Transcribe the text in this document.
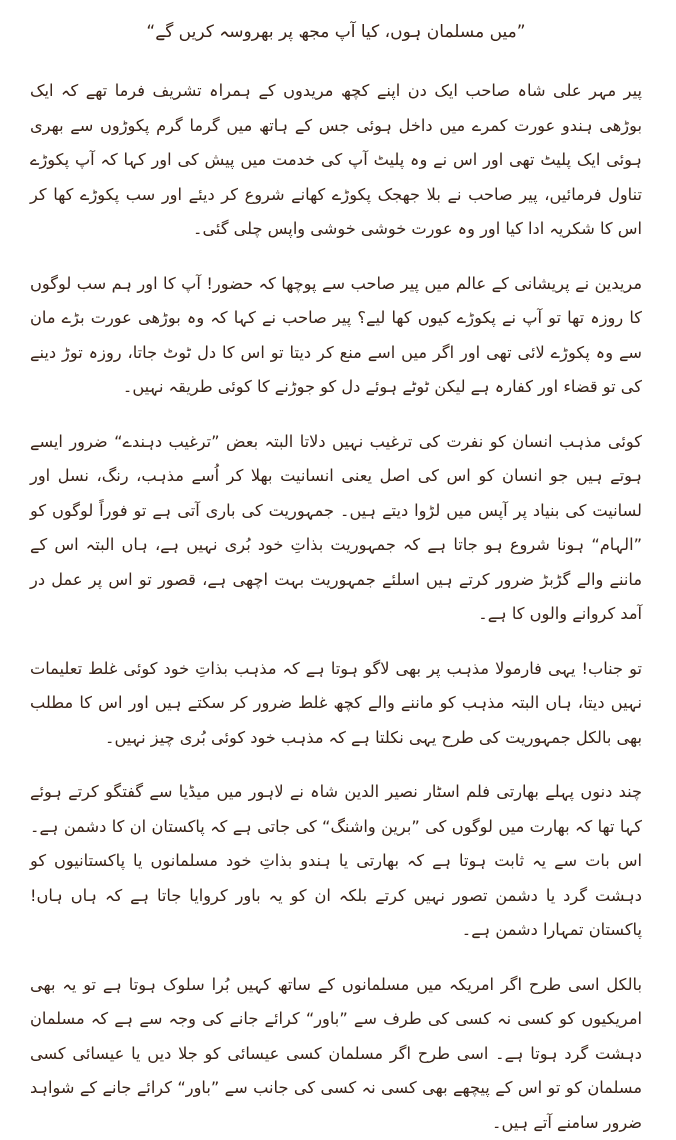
”میں مسلمان ہوں، کیا آپ مجھ پر بھروسہ کریں گے“

پیر مہر علی شاہ صاحب ایک دن اپنے کچھ مریدوں کے ہمراہ تشریف فرما تھے کہ ایک بوڑھی ہندو عورت کمرے میں داخل ہوئی جس کے ہاتھ میں گرما گرم پکوڑوں سے بھری ہوئی ایک پلیٹ تھی اور اس نے وہ پلیٹ آپ کی خدمت میں پیش کی اور کہا کہ آپ پکوڑے تناول فرمائیں، پیر صاحب نے بلا جھجک پکوڑے کھانے شروع کر دیئے اور سب پکوڑے کھا کر اس کا شکریہ ادا کیا اور وہ عورت خوشی خوشی واپس چلی گئی۔

مریدین نے پریشانی کے عالم میں پیر صاحب سے پوچھا کہ حضور! آپ کا اور ہم سب لوگوں کا روزہ تھا تو آپ نے پکوڑے کیوں کھا لیے؟ پیر صاحب نے کہا کہ وہ بوڑھی عورت بڑے مان سے وہ پکوڑے لائی تھی اور اگر میں اسے منع کر دیتا تو اس کا دل ٹوٹ جاتا، روزہ توڑ دینے کی تو قضاء اور کفارہ ہے لیکن ٹوٹے ہوئے دل کو جوڑنے کا کوئی طریقہ نہیں۔

کوئی مذہب انسان کو نفرت کی ترغیب نہیں دلاتا البتہ بعض ”ترغیب دہندے“ ضرور ایسے ہوتے ہیں جو انسان کو اس کی اصل یعنی انسانیت بھلا کر اُسے مذہب، رنگ، نسل اور لسانیت کی بنیاد پر آپس میں لڑوا دیتے ہیں۔ جمہوریت کی باری آتی ہے تو فوراً لوگوں کو ”الہام“ ہونا شروع ہو جاتا ہے کہ جمہوریت بذاتِ خود بُری نہیں ہے، ہاں البتہ اس کے ماننے والے گڑبڑ ضرور کرتے ہیں اسلئے جمہوریت بہت اچھی ہے، قصور تو اس پر عمل در آمد کروانے والوں کا ہے۔

تو جناب! یہی فارمولا مذہب پر بھی لاگو ہوتا ہے کہ مذہب بذاتِ خود کوئی غلط تعلیمات نہیں دیتا، ہاں البتہ مذہب کو ماننے والے کچھ غلط ضرور کر سکتے ہیں اور اس کا مطلب بھی بالکل جمہوریت کی طرح یہی نکلتا ہے کہ مذہب خود کوئی بُری چیز نہیں۔

چند دنوں پہلے بھارتی فلم اسٹار نصیر الدین شاہ نے لاہور میں میڈیا سے گفتگو کرتے ہوئے کہا تھا کہ بھارت میں لوگوں کی ”برین واشنگ“ کی جاتی ہے کہ پاکستان ان کا دشمن ہے۔ اس بات سے یہ ثابت ہوتا ہے کہ بھارتی یا ہندو بذاتِ خود مسلمانوں یا پاکستانیوں کو دہشت گرد یا دشمن تصور نہیں کرتے بلکہ ان کو یہ باور کروایا جاتا ہے کہ ہاں ہاں! پاکستان تمہارا دشمن ہے۔

بالکل اسی طرح اگر امریکہ میں مسلمانوں کے ساتھ کہیں بُرا سلوک ہوتا ہے تو یہ بھی امریکیوں کو کسی نہ کسی کی طرف سے ”باور“ کرائے جانے کی وجہ سے ہے کہ مسلمان دہشت گرد ہوتا ہے۔ اسی طرح اگر مسلمان کسی عیسائی کو جلا دیں یا عیسائی کسی مسلمان کو تو اس کے پیچھے بھی کسی نہ کسی کی جانب سے ”باور“ کرائے جانے کے شواہد ضرور سامنے آتے ہیں۔
